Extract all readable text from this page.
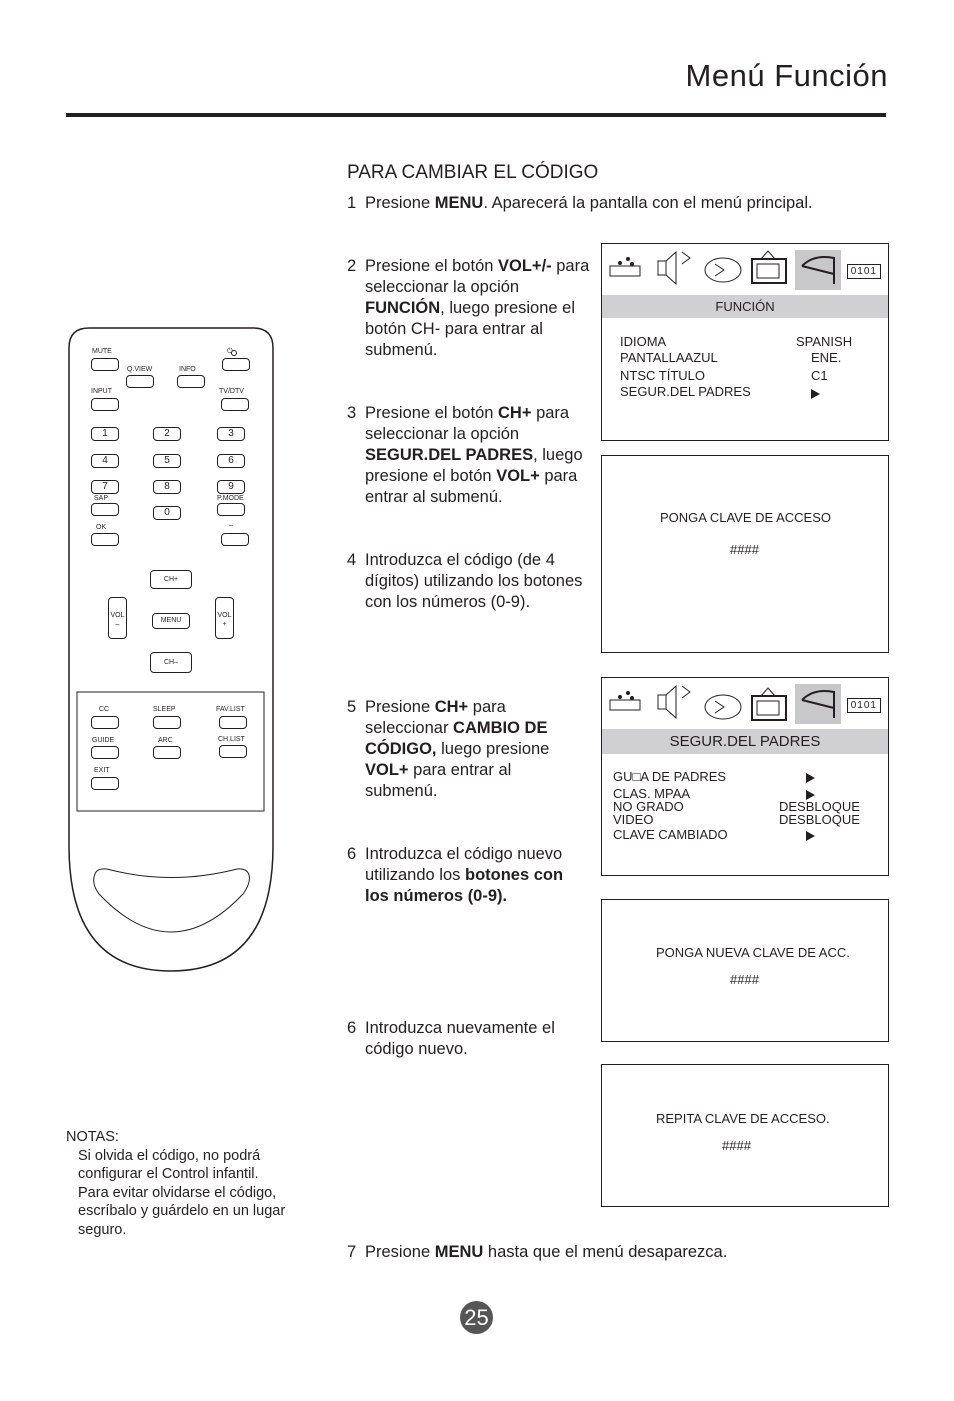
Menú Función
PARA CAMBIAR EL CÓDIGO
1 Presione MENU. Aparecerá la pantalla con el menú principal.
2 Presione el botón VOL+/- para seleccionar la opción FUNCIÓN, luego presione el botón CH- para entrar al submenú.
3 Presione el botón CH+ para seleccionar la opción SEGUR.DEL PADRES, luego presione el botón VOL+ para entrar al submenú.
4 Introduzca el código (de 4 dígitos) utilizando los botones con los números (0-9).
5 Presione CH+ para seleccionar CAMBIO DE CÓDIGO, luego presione VOL+ para entrar al submenú.
6 Introduzca el código nuevo utilizando los botones con los números (0-9).
6 Introduzca nuevamente el código nuevo.
7 Presione MENU hasta que el menú desaparezca.
0101
FUNCIÓN
IDIOMA	SPANISH
PANTALLAAZUL	ENE.
NTSC TÍTULO	C1
SEGUR.DEL PADRES
PONGA CLAVE DE ACCESO
####
0101
SEGUR.DEL PADRES
GU□A DE PADRES
CLAS. MPAA
NO GRADO	DESBLOQUE
VIDEO	DESBLOQUE
CLAVE CAMBIADO
PONGA NUEVA CLAVE DE ACC.
####
REPITA CLAVE DE ACCESO.
####
MUTE	⏻
Q.VIEW	INFO
INPUT	TV/DTV
1	2	3
4	5	6
7	8	9
SAP
0
P.MODE
OK	–
CH+
VOL
–
MENU
VOL
+
CH–
CC	SLEEP	FAV.LIST
GUIDE	ARC	CH.LIST
EXIT
NOTAS:
Si olvida el código, no podrá
configurar el Control infantil.
Para evitar olvidarse el código,
escríbalo y guárdelo en un lugar
seguro.
25
